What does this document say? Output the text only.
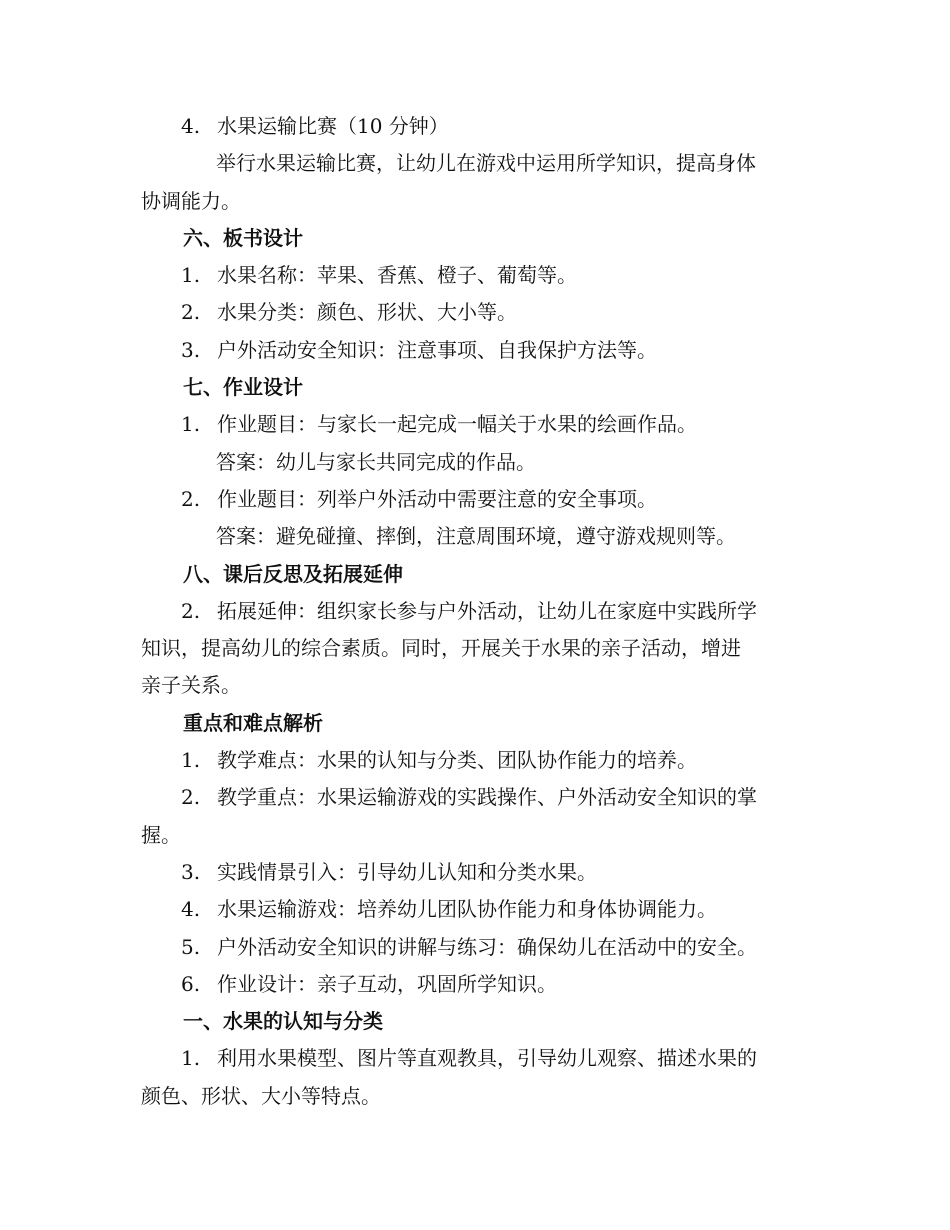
4. 水果运输比赛（10 分钟）
举行水果运输比赛，让幼儿在游戏中运用所学知识，提高身体
协调能力。
六、板书设计
1. 水果名称：苹果、香蕉、橙子、葡萄等。
2. 水果分类：颜色、形状、大小等。
3. 户外活动安全知识：注意事项、自我保护方法等。
七、作业设计
1. 作业题目：与家长一起完成一幅关于水果的绘画作品。
答案：幼儿与家长共同完成的作品。
2. 作业题目：列举户外活动中需要注意的安全事项。
答案：避免碰撞、摔倒，注意周围环境，遵守游戏规则等。
八、课后反思及拓展延伸
2. 拓展延伸：组织家长参与户外活动，让幼儿在家庭中实践所学
知识，提高幼儿的综合素质。同时，开展关于水果的亲子活动，增进
亲子关系。
重点和难点解析
1. 教学难点：水果的认知与分类、团队协作能力的培养。
2. 教学重点：水果运输游戏的实践操作、户外活动安全知识的掌
握。
3. 实践情景引入：引导幼儿认知和分类水果。
4. 水果运输游戏：培养幼儿团队协作能力和身体协调能力。
5. 户外活动安全知识的讲解与练习：确保幼儿在活动中的安全。
6. 作业设计：亲子互动，巩固所学知识。
一、水果的认知与分类
1. 利用水果模型、图片等直观教具，引导幼儿观察、描述水果的
颜色、形状、大小等特点。
